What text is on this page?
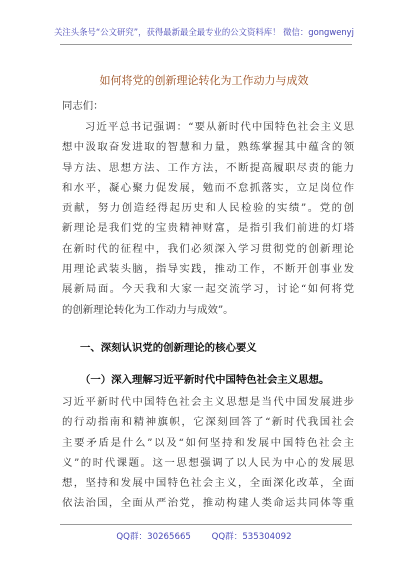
关注头条号“公文研究”，获得最新最全最专业的公文资料库！ 微信：gongwenyj
如何将党的创新理论转化为工作动力与成效
同志们：
　　习近平总书记强调：“要从新时代中国特色社会主义思
想中汲取奋发进取的智慧和力量，熟练掌握其中蕴含的领
导方法、思想方法、工作方法，不断提高履职尽责的能力
和水平，凝心聚力促发展，勉而不怠抓落实，立足岗位作
贡献，努力创造经得起历史和人民检验的实绩”。党的创
新理论是我们党的宝贵精神财富，是指引我们前进的灯塔
在新时代的征程中，我们必须深入学习贯彻党的创新理论
用理论武装头脑，指导实践，推动工作，不断开创事业发
展新局面。今天我和大家一起交流学习，讨论“如何将党
的创新理论转化为工作动力与成效”。
一、深刻认识党的创新理论的核心要义
（一）深入理解习近平新时代中国特色社会主义思想。
习近平新时代中国特色社会主义思想是当代中国发展进步
的行动指南和精神旗帜，它深刻回答了“新时代我国社会
主要矛盾是什么”以及“如何坚持和发展中国特色社会主
义”的时代课题。这一思想强调了以人民为中心的发展思
想，坚持和发展中国特色社会主义，全面深化改革，全面
依法治国，全面从严治党，推动构建人类命运共同体等重
QQ群：30265665 QQ群：535304092
